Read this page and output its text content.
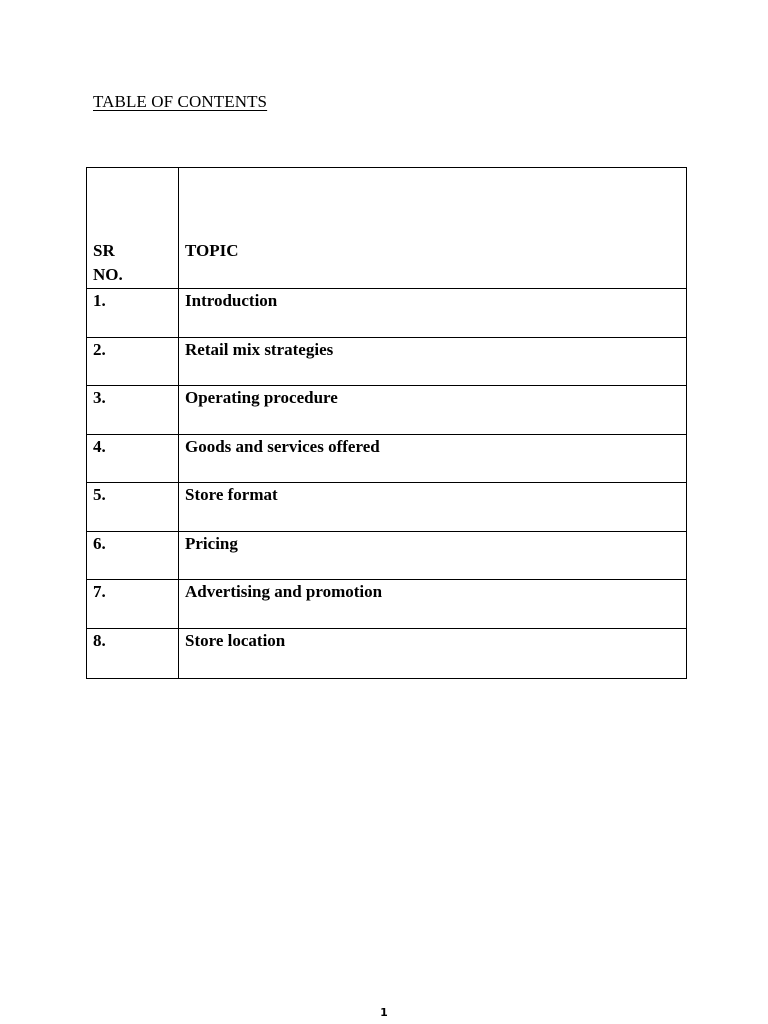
TABLE OF CONTENTS
SR
NO.	TOPIC
1.	Introduction
2.	Retail mix strategies
3.	Operating procedure
4.	Goods and services offered
5.	Store format
6.	Pricing
7.	Advertising and promotion
8.	Store location
1
